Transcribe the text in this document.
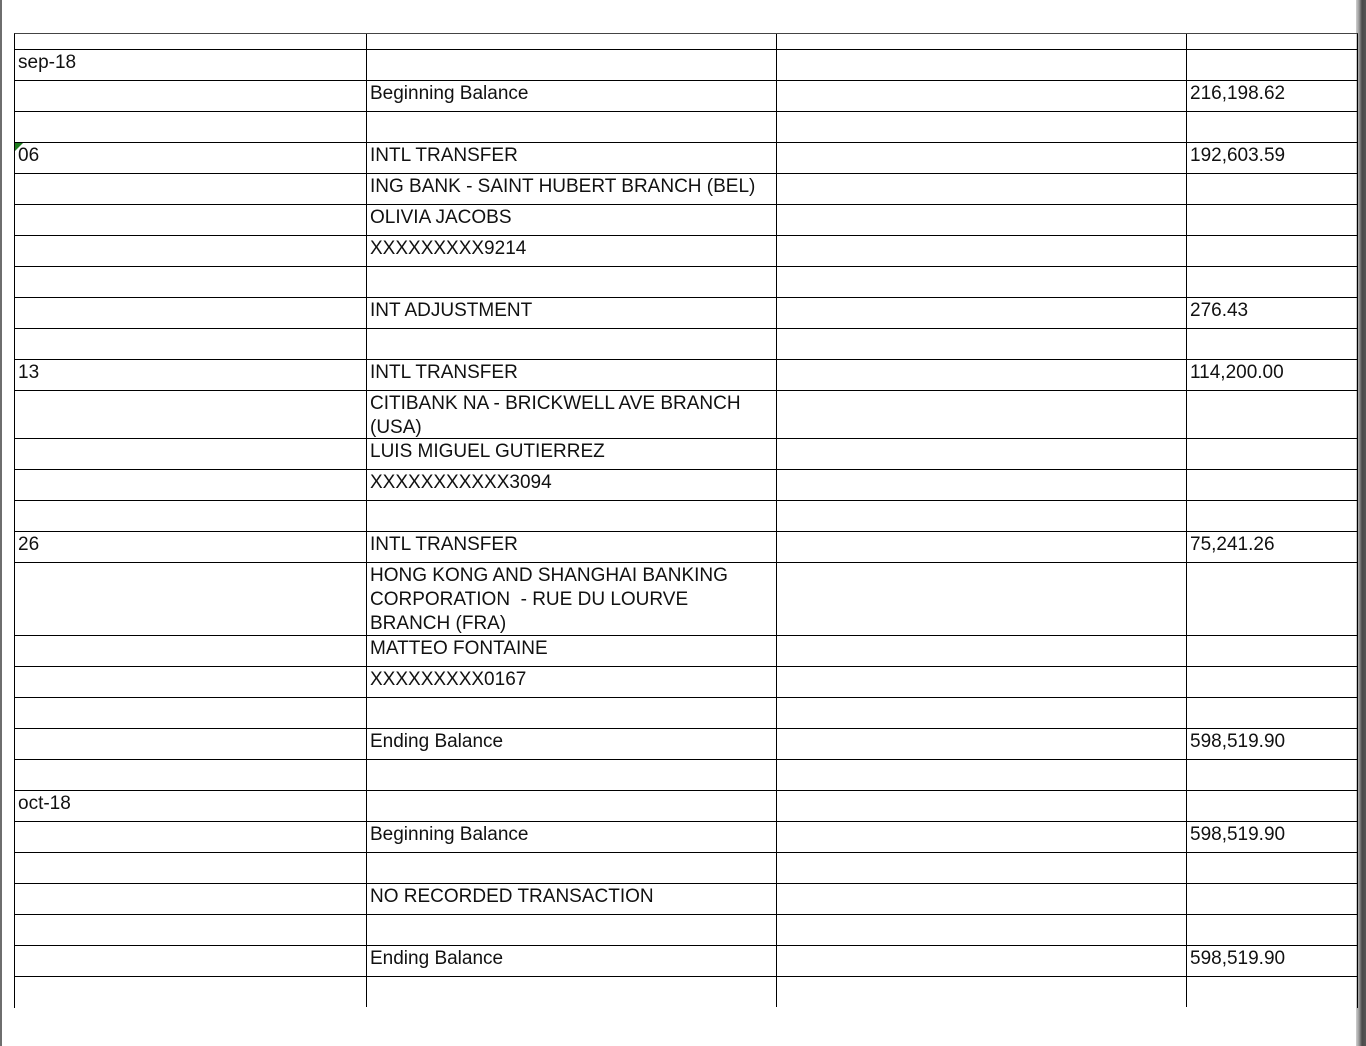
sep-18
Beginning Balance	216,198.62
06	INTL TRANSFER	192,603.59
ING BANK - SAINT HUBERT BRANCH (BEL)
OLIVIA JACOBS
XXXXXXXXX9214
INT ADJUSTMENT	276.43
13	INTL TRANSFER	114,200.00
CITIBANK NA - BRICKWELL AVE BRANCH (USA)
LUIS MIGUEL GUTIERREZ
XXXXXXXXXXX3094
26	INTL TRANSFER	75,241.26
HONG KONG AND SHANGHAI BANKING CORPORATION  - RUE DU LOURVE BRANCH (FRA)
MATTEO FONTAINE
XXXXXXXXX0167
Ending Balance	598,519.90
oct-18
Beginning Balance	598,519.90
NO RECORDED TRANSACTION
Ending Balance	598,519.90
